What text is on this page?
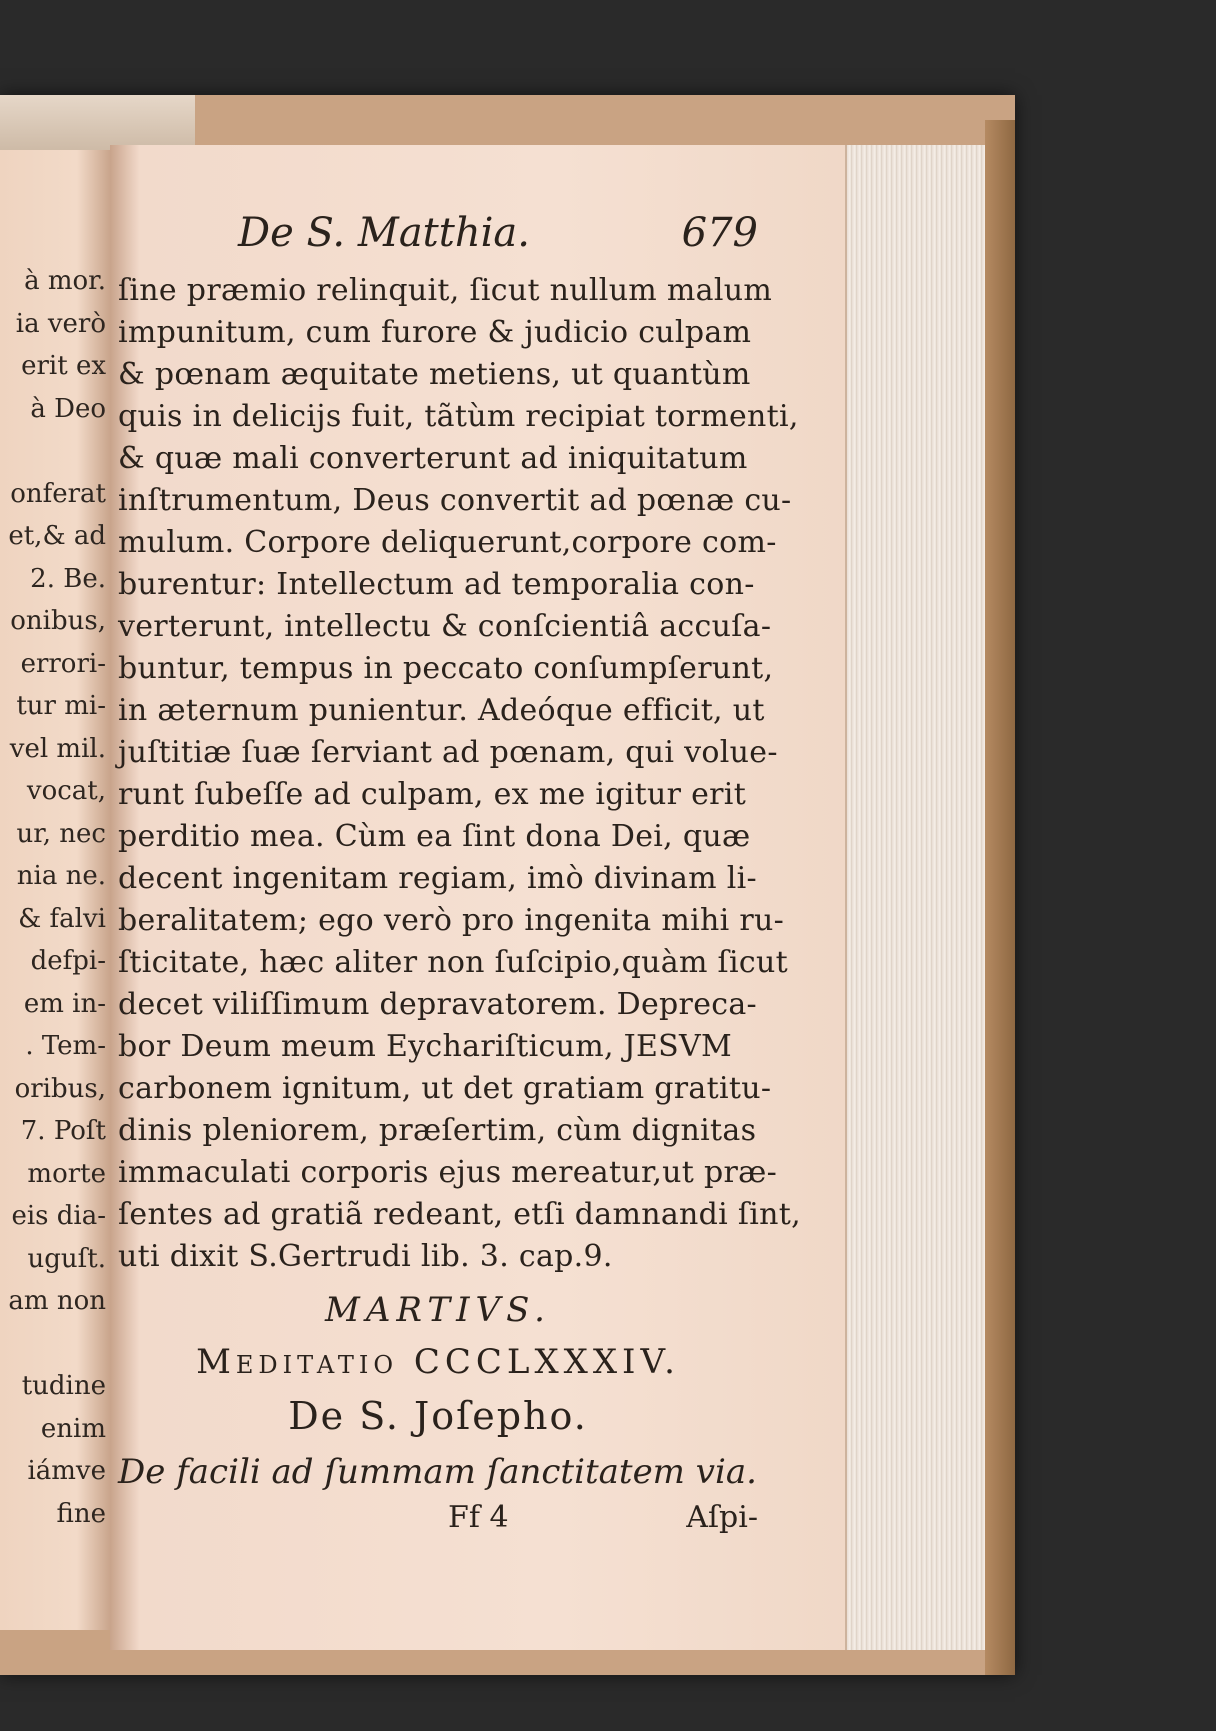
à mor.
ia verò
erit ex
à Deo
onferat
et,& ad
2. Be.
onibus,
errori-
tur mi-
vel mil.
vocat,
ur, nec
nia ne.
& falvi
defpi-
em in-
. Tem-
oribus,
7. Poſt
morte
eis dia-
uguſt.
am non
tudine
enim
iámve
fine
De S. Matthia.	679
ſine præmio relinquit, ſicut nullum malum
impunitum, cum furore & judicio culpam
& pœnam æquitate metiens, ut quantùm
quis in delicijs fuit, tãtùm recipiat tormenti,
& quæ mali converterunt ad iniquitatum
inſtrumentum, Deus convertit ad pœnæ cu-
mulum. Corpore deliquerunt,corpore com-
burentur: Intellectum ad temporalia con-
verterunt, intellectu & conſcientiâ accuſa-
buntur, tempus in peccato conſumpſerunt,
in æternum punientur. Adeóque efficit, ut
juſtitiæ ſuæ ſerviant ad pœnam, qui volue-
runt ſubeſſe ad culpam, ex me igitur erit
perditio mea. Cùm ea ſint dona Dei, quæ
decent ingenitam regiam, imò divinam li-
beralitatem; ego verò pro ingenita mihi ru-
ſticitate, hæc aliter non ſuſcipio,quàm ſicut
decet viliſſimum depravatorem. Depreca-
bor Deum meum Eychariſticum, JESVM
carbonem ignitum, ut det gratiam gratitu-
dinis pleniorem, præſertim, cùm dignitas
immaculati corporis ejus mereatur,ut præ-
ſentes ad gratiã redeant, etſi damnandi ſint,
uti dixit S.Gertrudi lib. 3. cap.9.
MARTIVS.
Meditatio CCCLXXXIV.
De S. Joſepho.
De facili ad ſummam ſanctitatem via.
Ff 4	Aſpi-
